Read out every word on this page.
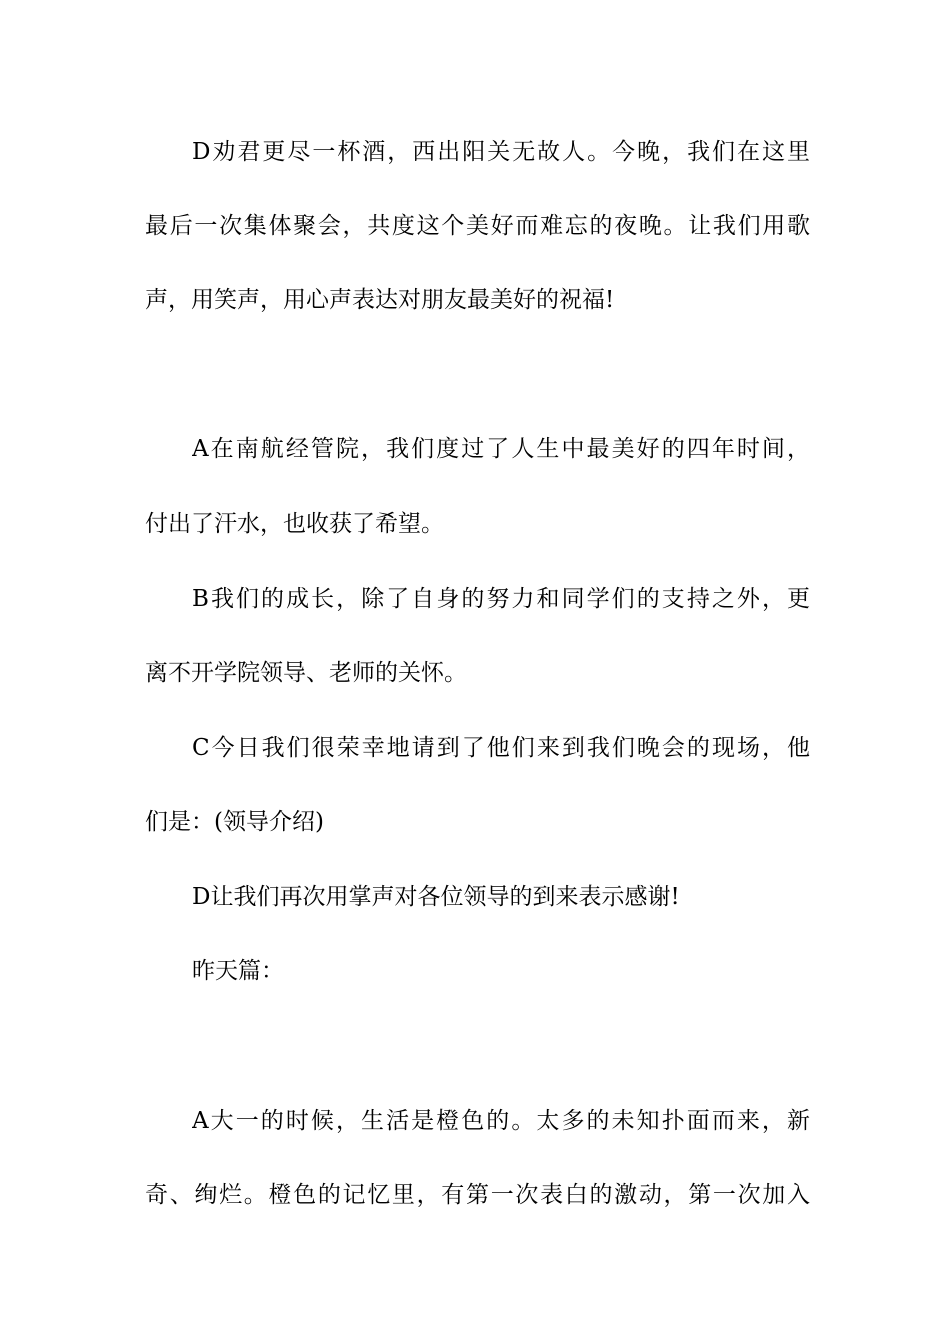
D劝君更尽一杯酒，西出阳关无故人。今晚，我们在这里
最后一次集体聚会，共度这个美好而难忘的夜晚。让我们用歌
声，用笑声，用心声表达对朋友最美好的祝福!
A在南航经管院，我们度过了人生中最美好的四年时间，
付出了汗水，也收获了希望。
B我们的成长，除了自身的努力和同学们的支持之外，更
离不开学院领导、老师的关怀。
C今日我们很荣幸地请到了他们来到我们晚会的现场，他
们是：(领导介绍)
D让我们再次用掌声对各位领导的到来表示感谢!
昨天篇：
A大一的时候，生活是橙色的。太多的未知扑面而来，新
奇、绚烂。橙色的记忆里，有第一次表白的激动，第一次加入
